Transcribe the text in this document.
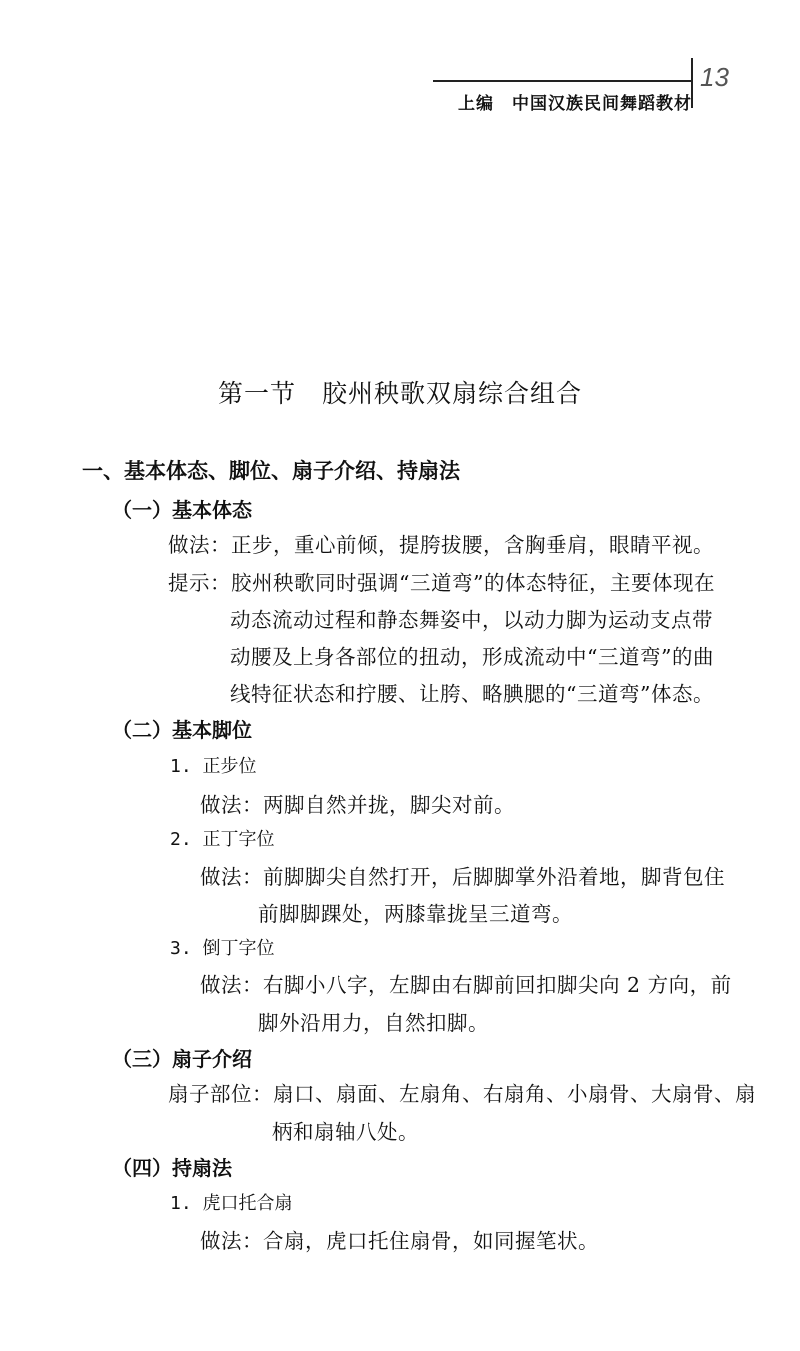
上编　中国汉族民间舞蹈教材
13
第一节　胶州秧歌双扇综合组合
一、基本体态、脚位、扇子介绍、持扇法
（一）基本体态
做法：正步，重心前倾，提胯拔腰，含胸垂肩，眼睛平视。
提示：胶州秧歌同时强调“三道弯”的体态特征，主要体现在
动态流动过程和静态舞姿中，以动力脚为运动支点带
动腰及上身各部位的扭动，形成流动中“三道弯”的曲
线特征状态和拧腰、让胯、略腆腮的“三道弯”体态。
（二）基本脚位
1. 正步位
做法：两脚自然并拢，脚尖对前。
2. 正丁字位
做法：前脚脚尖自然打开，后脚脚掌外沿着地，脚背包住
前脚脚踝处，两膝靠拢呈三道弯。
3. 倒丁字位
做法：右脚小八字，左脚由右脚前回扣脚尖向 2 方向，前
脚外沿用力，自然扣脚。
（三）扇子介绍
扇子部位：扇口、扇面、左扇角、右扇角、小扇骨、大扇骨、扇
柄和扇轴八处。
（四）持扇法
1. 虎口托合扇
做法：合扇，虎口托住扇骨，如同握笔状。
